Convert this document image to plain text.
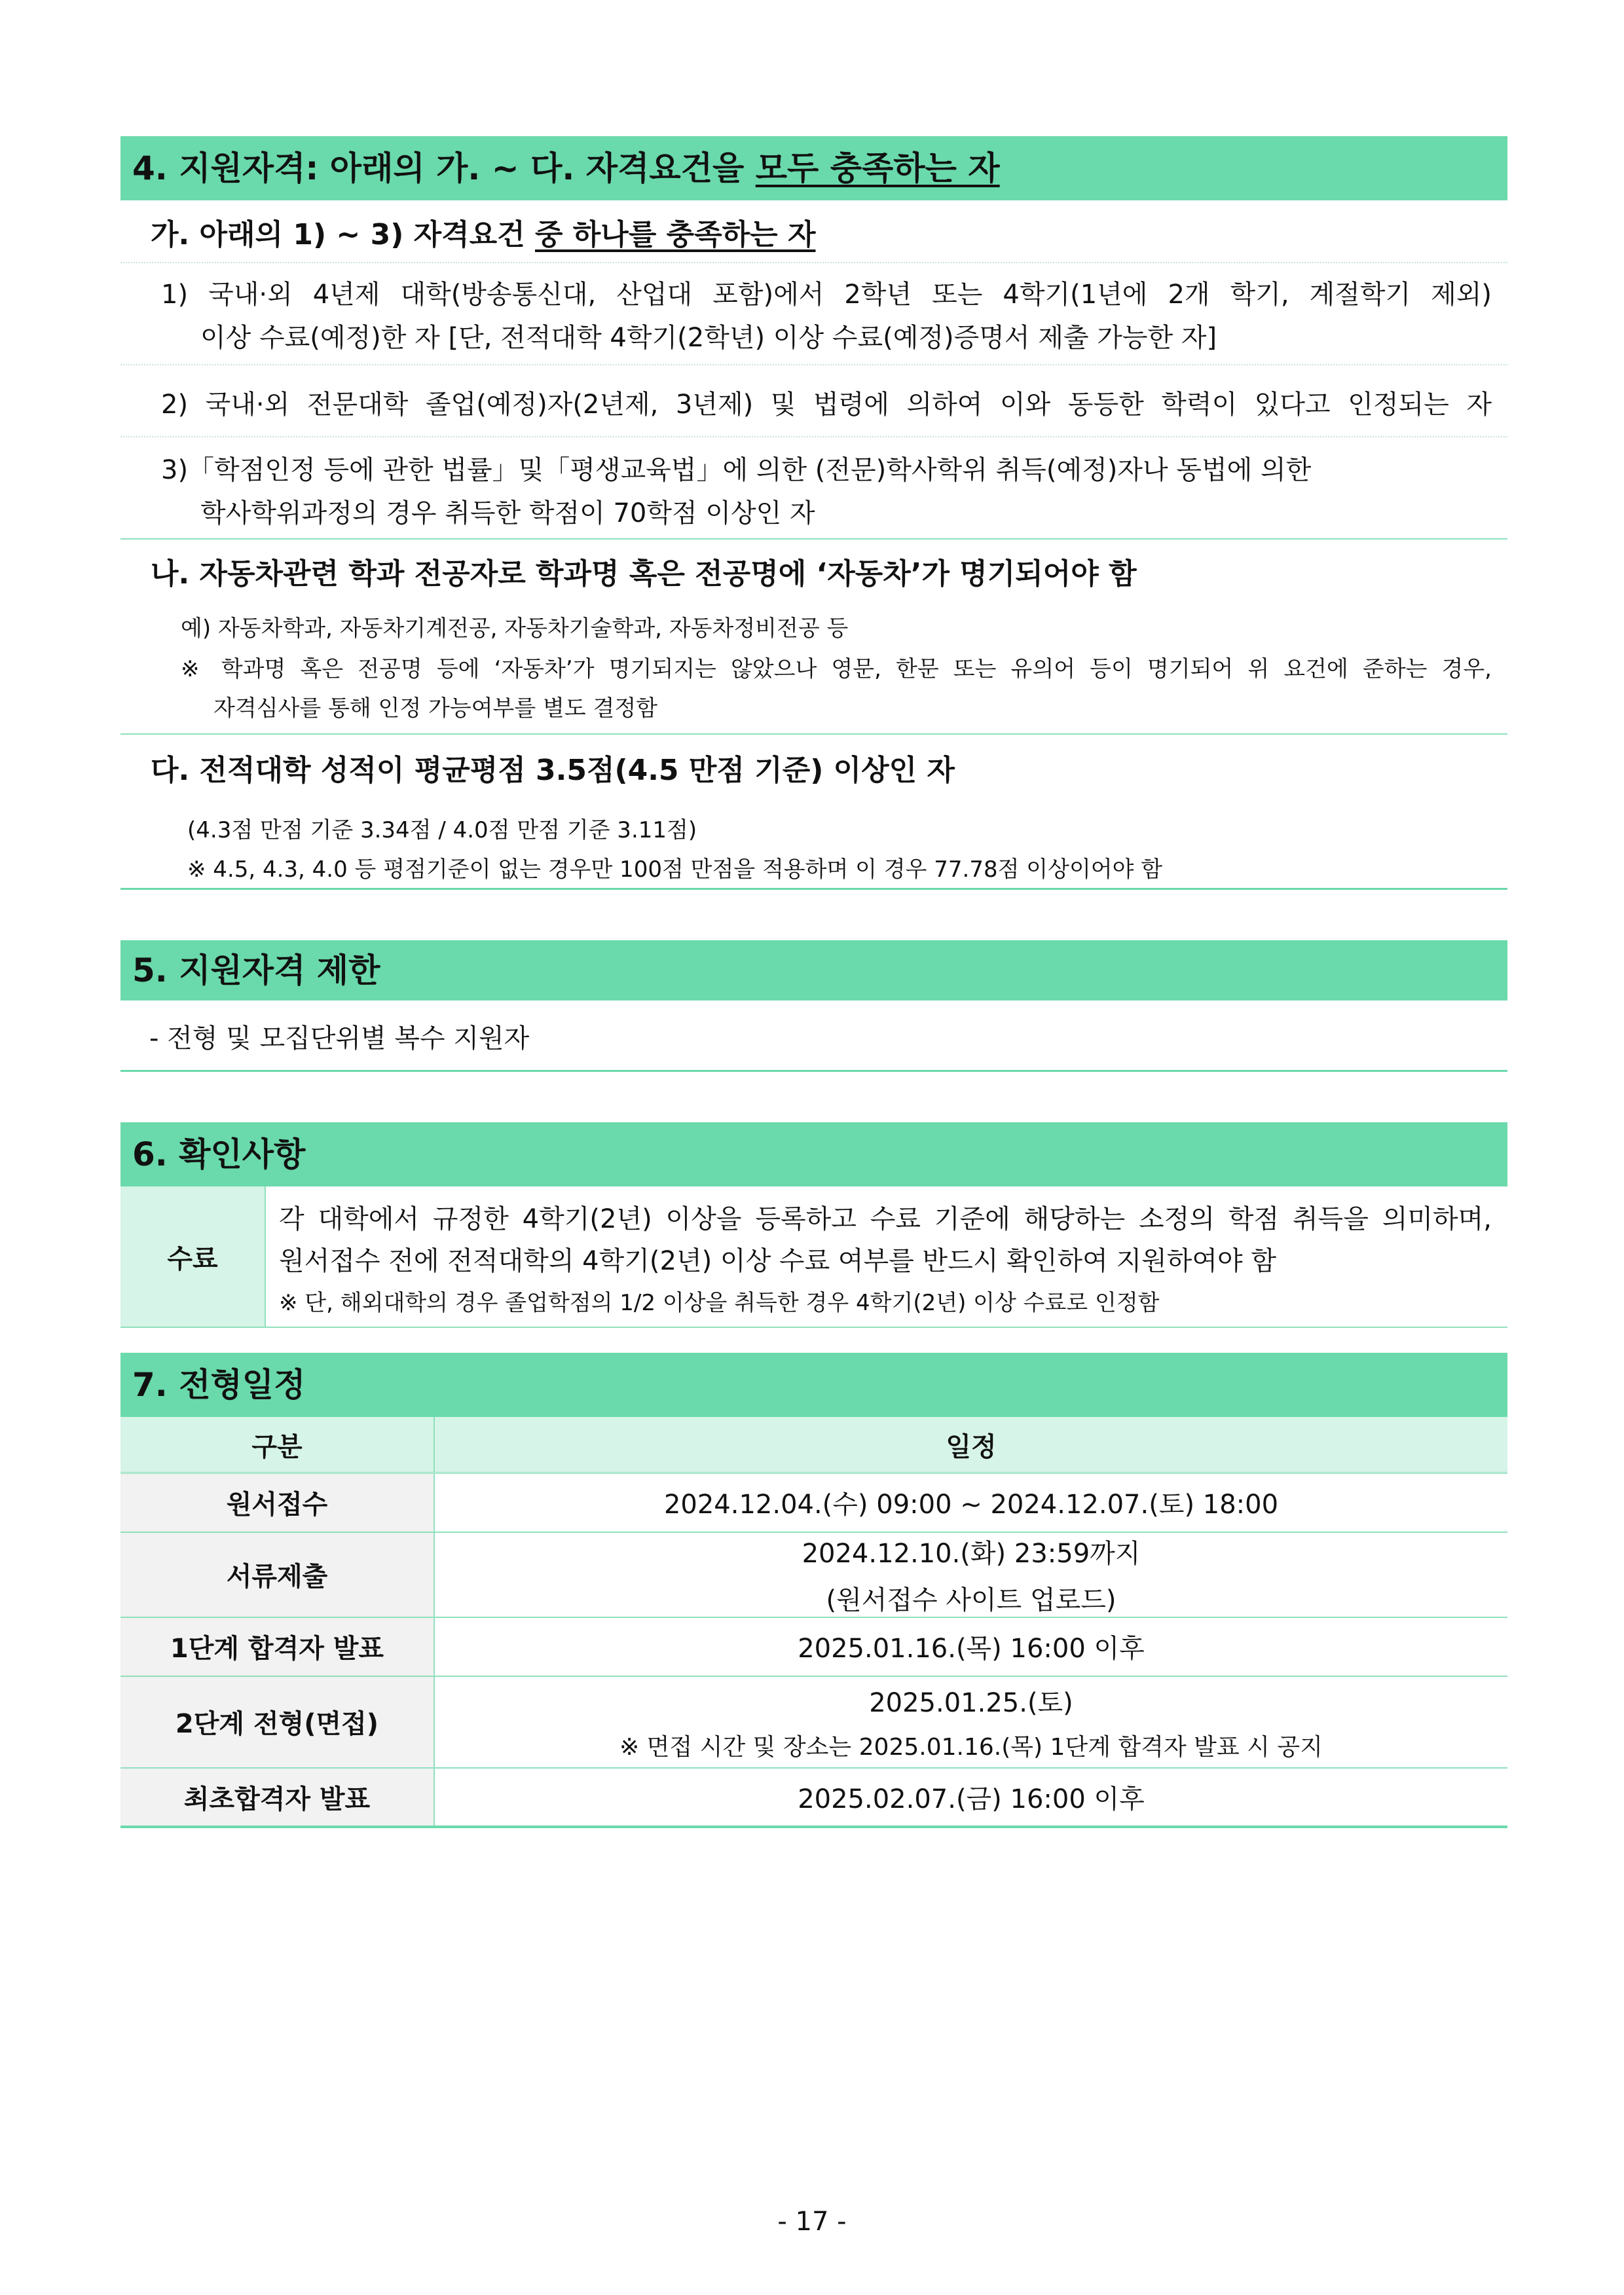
4. 지원자격: 아래의 가. ~ 다. 자격요건을 모두 충족하는 자
가. 아래의 1) ~ 3) 자격요건 중 하나를 충족하는 자
1) 국내·외 4년제 대학(방송통신대, 산업대 포함)에서 2학년 또는 4학기(1년에 2개 학기, 계절학기 제외)
이상 수료(예정)한 자 [단, 전적대학 4학기(2학년) 이상 수료(예정)증명서 제출 가능한 자]
2) 국내·외 전문대학 졸업(예정)자(2년제, 3년제) 및 법령에 의하여 이와 동등한 학력이 있다고 인정되는 자
3)「학점인정 등에 관한 법률」및「평생교육법」에 의한 (전문)학사학위 취득(예정)자나 동법에 의한
학사학위과정의 경우 취득한 학점이 70학점 이상인 자
나. 자동차관련 학과 전공자로 학과명 혹은 전공명에 ‘자동차’가 명기되어야 함
예) 자동차학과, 자동차기계전공, 자동차기술학과, 자동차정비전공 등
※ 학과명 혹은 전공명 등에 ‘자동차’가 명기되지는 않았으나 영문, 한문 또는 유의어 등이 명기되어 위 요건에 준하는 경우,
자격심사를 통해 인정 가능여부를 별도 결정함
다. 전적대학 성적이 평균평점 3.5점(4.5 만점 기준) 이상인 자
(4.3점 만점 기준 3.34점 / 4.0점 만점 기준 3.11점)
※ 4.5, 4.3, 4.0 등 평점기준이 없는 경우만 100점 만점을 적용하며 이 경우 77.78점 이상이어야 함
5. 지원자격 제한
- 전형 및 모집단위별 복수 지원자
6. 확인사항
수료
각 대학에서 규정한 4학기(2년) 이상을 등록하고 수료 기준에 해당하는 소정의 학점 취득을 의미하며,
원서접수 전에 전적대학의 4학기(2년) 이상 수료 여부를 반드시 확인하여 지원하여야 함
※ 단, 해외대학의 경우 졸업학점의 1/2 이상을 취득한 경우 4학기(2년) 이상 수료로 인정함
7. 전형일정
구분	일정
원서접수	2024.12.04.(수) 09:00 ~ 2024.12.07.(토) 18:00
서류제출	2024.12.10.(화) 23:59까지
(원서접수 사이트 업로드)

1단계 합격자 발표	2025.01.16.(목) 16:00 이후
2단계 전형(면접)	2025.01.25.(토)
※ 면접 시간 및 장소는 2025.01.16.(목) 1단계 합격자 발표 시 공지

최초합격자 발표	2025.02.07.(금) 16:00 이후
- 17 -
